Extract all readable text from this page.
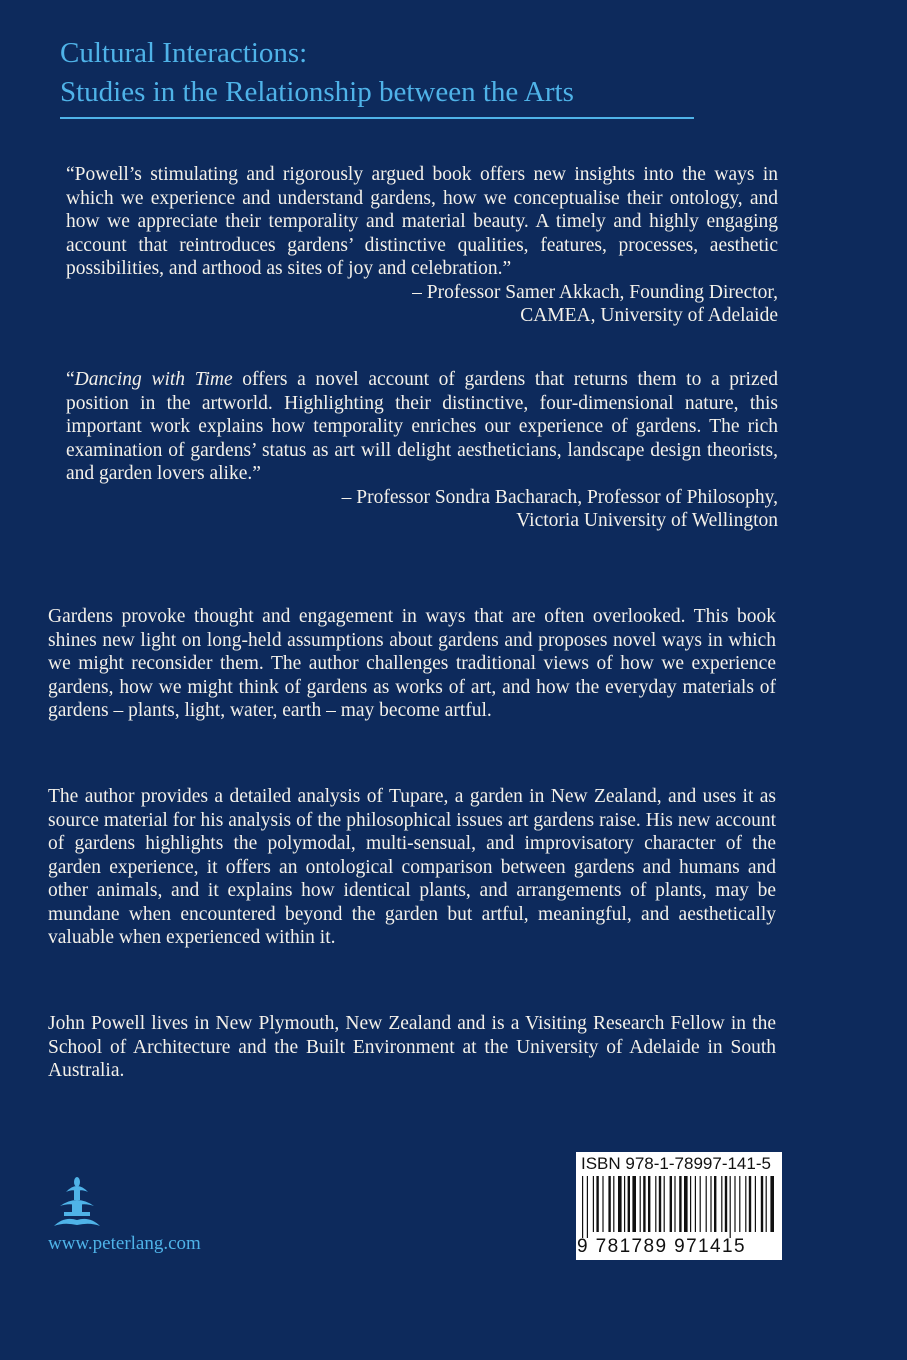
Cultural Interactions:
Studies in the Relationship between the Arts

“Powell’s stimulating and rigorously argued book offers new insights into the ways in which we experience and understand gardens, how we conceptualise their ontology, and how we appreciate their temporality and material beauty. A timely and highly engaging account that reintroduces gardens’ distinctive qualities, features, processes, aesthetic possibilities, and arthood as sites of joy and celebration.”

– Professor Samer Akkach, Founding Director,

CAMEA, University of Adelaide

“Dancing with Time offers a novel account of gardens that returns them to a prized position in the artworld. Highlighting their distinctive, four-dimensional nature, this important work explains how temporality enriches our experience of gardens. The rich examination of gardens’ status as art will delight aestheticians, landscape design theorists, and garden lovers alike.”

– Professor Sondra Bacharach, Professor of Philosophy,

Victoria University of Wellington

Gardens provoke thought and engagement in ways that are often overlooked. This book shines new light on long-held assumptions about gardens and proposes novel ways in which we might reconsider them. The author challenges traditional views of how we experience gardens, how we might think of gardens as works of art, and how the everyday materials of gardens – plants, light, water, earth – may become artful.

The author provides a detailed analysis of Tupare, a garden in New Zealand, and uses it as source material for his analysis of the philosophical issues art gardens raise. His new account of gardens highlights the polymodal, multi-sensual, and improvisatory character of the garden experience, it offers an ontological comparison between gardens and humans and other animals, and it explains how identical plants, and arrangements of plants, may be mundane when encountered beyond the garden but artful, meaningful, and aesthetically valuable when experienced within it.

John Powell lives in New Plymouth, New Zealand and is a Visiting Research Fellow in the School of Architecture and the Built Environment at the University of Adelaide in South Australia.

www.peterlang.com
ISBN 978-1-78997-141-5
9 781789 971415
